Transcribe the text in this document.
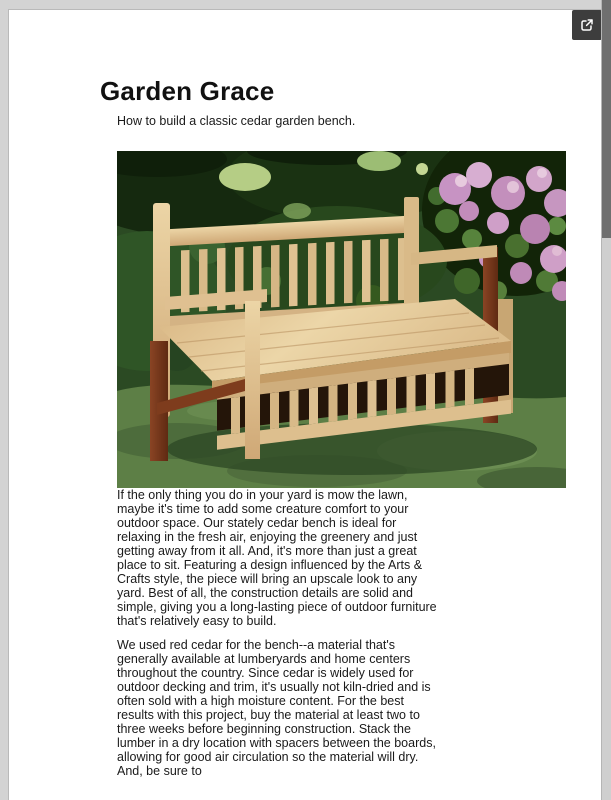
Garden Grace

How to build a classic cedar garden bench.

If the only thing you do in your yard is mow the lawn, maybe it's time to add some creature comfort to your outdoor space. Our stately cedar bench is ideal for relaxing in the fresh air, enjoying the greenery and just getting away from it all. And, it's more than just a great place to sit. Featuring a design influenced by the Arts & Crafts style, the piece will bring an upscale look to any yard. Best of all, the construction details are solid and simple, giving you a long-lasting piece of outdoor furniture that's relatively easy to build.

We used red cedar for the bench--a material that's generally available at lumberyards and home centers throughout the country. Since cedar is widely used for outdoor decking and trim, it's usually not kiln-dried and is often sold with a high moisture content. For the best results with this project, buy the material at least two to three weeks before beginning construction. Stack the lumber in a dry location with spacers between the boards, allowing for good air circulation so the material will dry. And, be sure to
